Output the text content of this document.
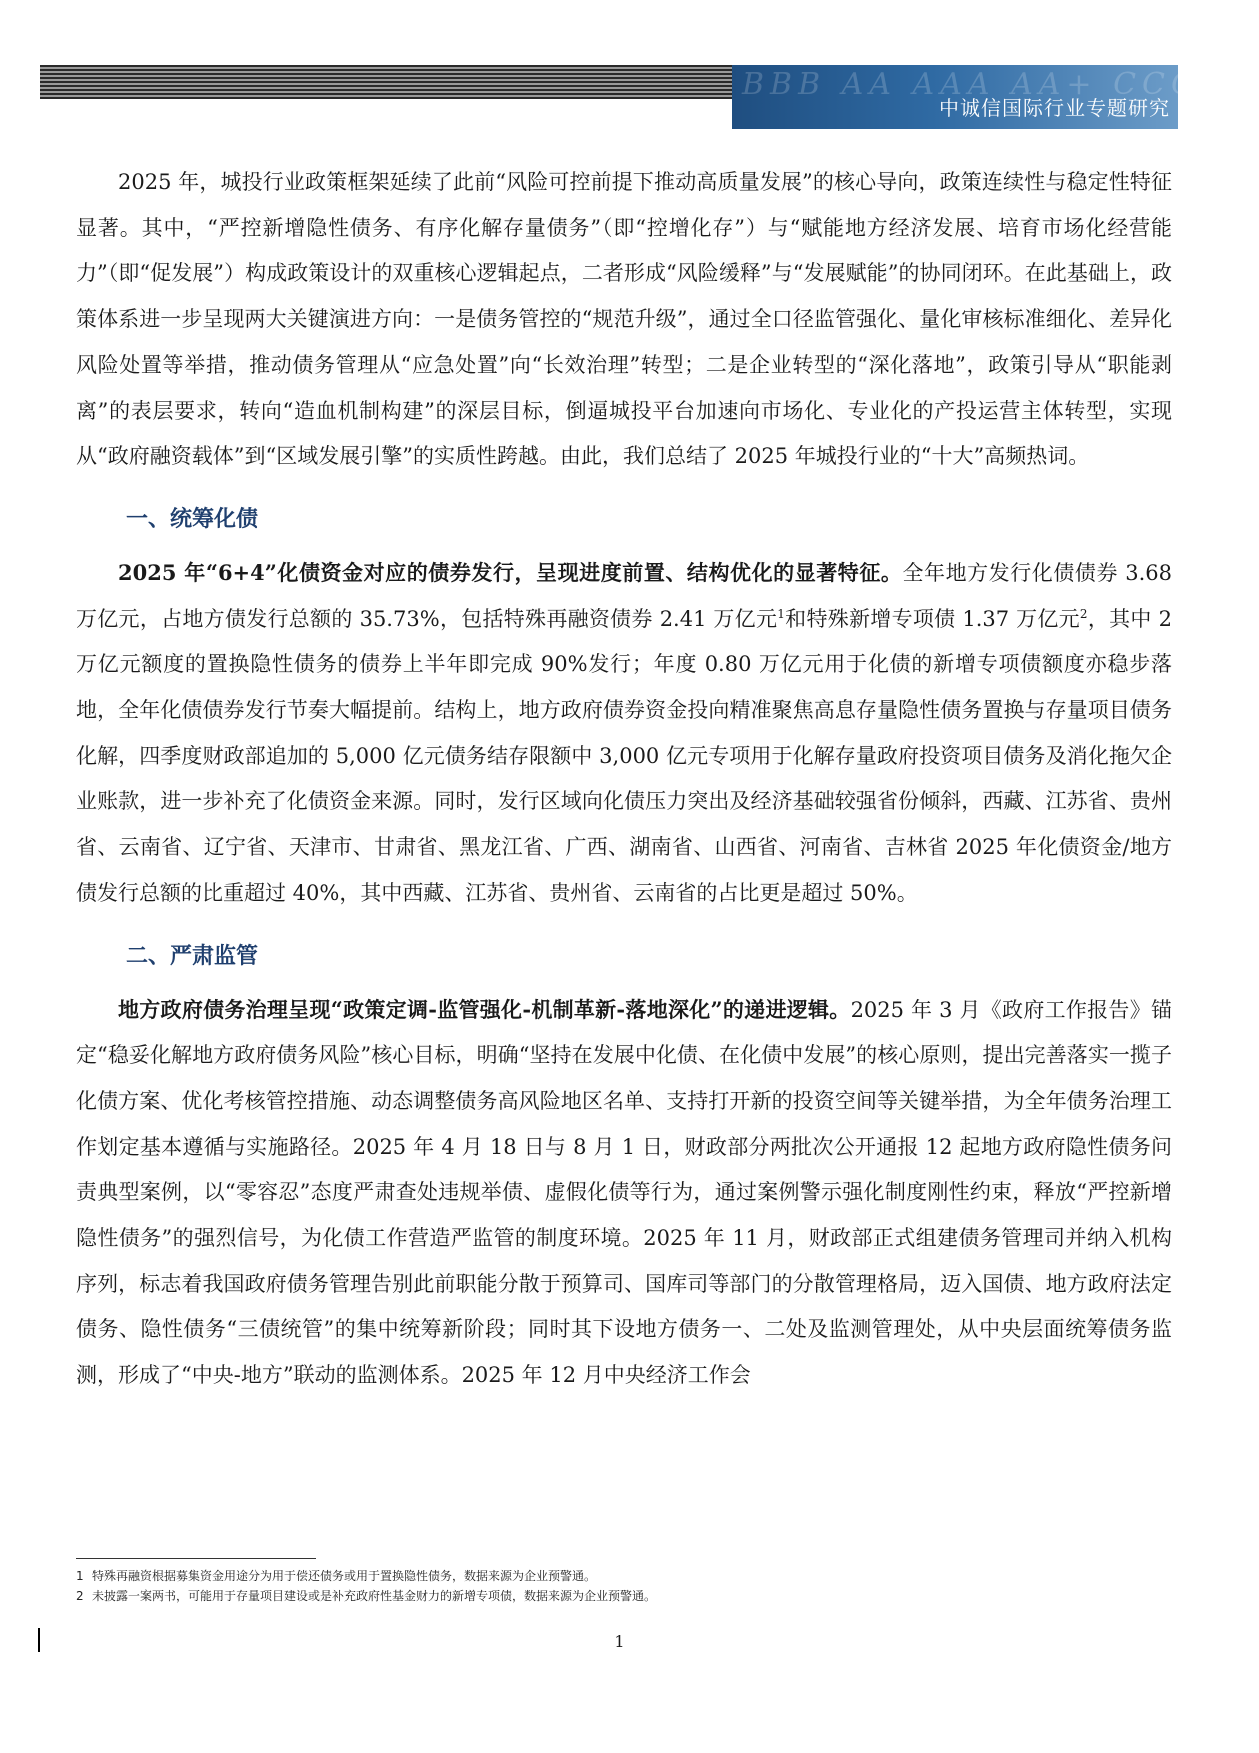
BBB AA AAA AA+ CCC A-
中诚信国际行业专题研究

2025 年，城投行业政策框架延续了此前“风险可控前提下推动高质量发展”的核心导向，政策连续性与稳定性特征显著。其中，“严控新增隐性债务、有序化解存量债务”（即“控增化存”）与“赋能地方经济发展、培育市场化经营能力”（即“促发展”）构成政策设计的双重核心逻辑起点，二者形成“风险缓释”与“发展赋能”的协同闭环。在此基础上，政策体系进一步呈现两大关键演进方向：一是债务管控的“规范升级”，通过全口径监管强化、量化审核标准细化、差异化风险处置等举措，推动债务管理从“应急处置”向“长效治理”转型；二是企业转型的“深化落地”，政策引导从“职能剥离”的表层要求，转向“造血机制构建”的深层目标，倒逼城投平台加速向市场化、专业化的产投运营主体转型，实现从“政府融资载体”到“区域发展引擎”的实质性跨越。由此，我们总结了 2025 年城投行业的“十大”高频热词。

一、统筹化债

2025 年“6+4”化债资金对应的债券发行，呈现进度前置、结构优化的显著特征。全年地方发行化债债券 3.68 万亿元，占地方债发行总额的 35.73%，包括特殊再融资债券 2.41 万亿元$^1$和特殊新增专项债 1.37 万亿元$^2$，其中 2 万亿元额度的置换隐性债务的债券上半年即完成 90%发行；年度 0.80 万亿元用于化债的新增专项债额度亦稳步落地，全年化债债券发行节奏大幅提前。结构上，地方政府债券资金投向精准聚焦高息存量隐性债务置换与存量项目债务化解，四季度财政部追加的 5,000 亿元债务结存限额中 3,000 亿元专项用于化解存量政府投资项目债务及消化拖欠企业账款，进一步补充了化债资金来源。同时，发行区域向化债压力突出及经济基础较强省份倾斜，西藏、江苏省、贵州省、云南省、辽宁省、天津市、甘肃省、黑龙江省、广西、湖南省、山西省、河南省、吉林省 2025 年化债资金/地方债发行总额的比重超过 40%，其中西藏、江苏省、贵州省、云南省的占比更是超过 50%。

二、严肃监管

地方政府债务治理呈现“政策定调-监管强化-机制革新-落地深化”的递进逻辑。2025 年 3 月《政府工作报告》锚定“稳妥化解地方政府债务风险”核心目标，明确“坚持在发展中化债、在化债中发展”的核心原则，提出完善落实一揽子化债方案、优化考核管控措施、动态调整债务高风险地区名单、支持打开新的投资空间等关键举措，为全年债务治理工作划定基本遵循与实施路径。2025 年 4 月 18 日与 8 月 1 日，财政部分两批次公开通报 12 起地方政府隐性债务问责典型案例，以“零容忍”态度严肃查处违规举债、虚假化债等行为，通过案例警示强化制度刚性约束，释放“严控新增隐性债务”的强烈信号，为化债工作营造严监管的制度环境。2025 年 11 月，财政部正式组建债务管理司并纳入机构序列，标志着我国政府债务管理告别此前职能分散于预算司、国库司等部门的分散管理格局，迈入国债、地方政府法定债务、隐性债务“三债统管”的集中统筹新阶段；同时其下设地方债务一、二处及监测管理处，从中央层面统筹债务监测，形成了“中央-地方”联动的监测体系。2025 年 12 月中央经济工作会

1 特殊再融资根据募集资金用途分为用于偿还债务或用于置换隐性债务，数据来源为企业预警通。
2 未披露一案两书，可能用于存量项目建设或是补充政府性基金财力的新增专项债，数据来源为企业预警通。
1
